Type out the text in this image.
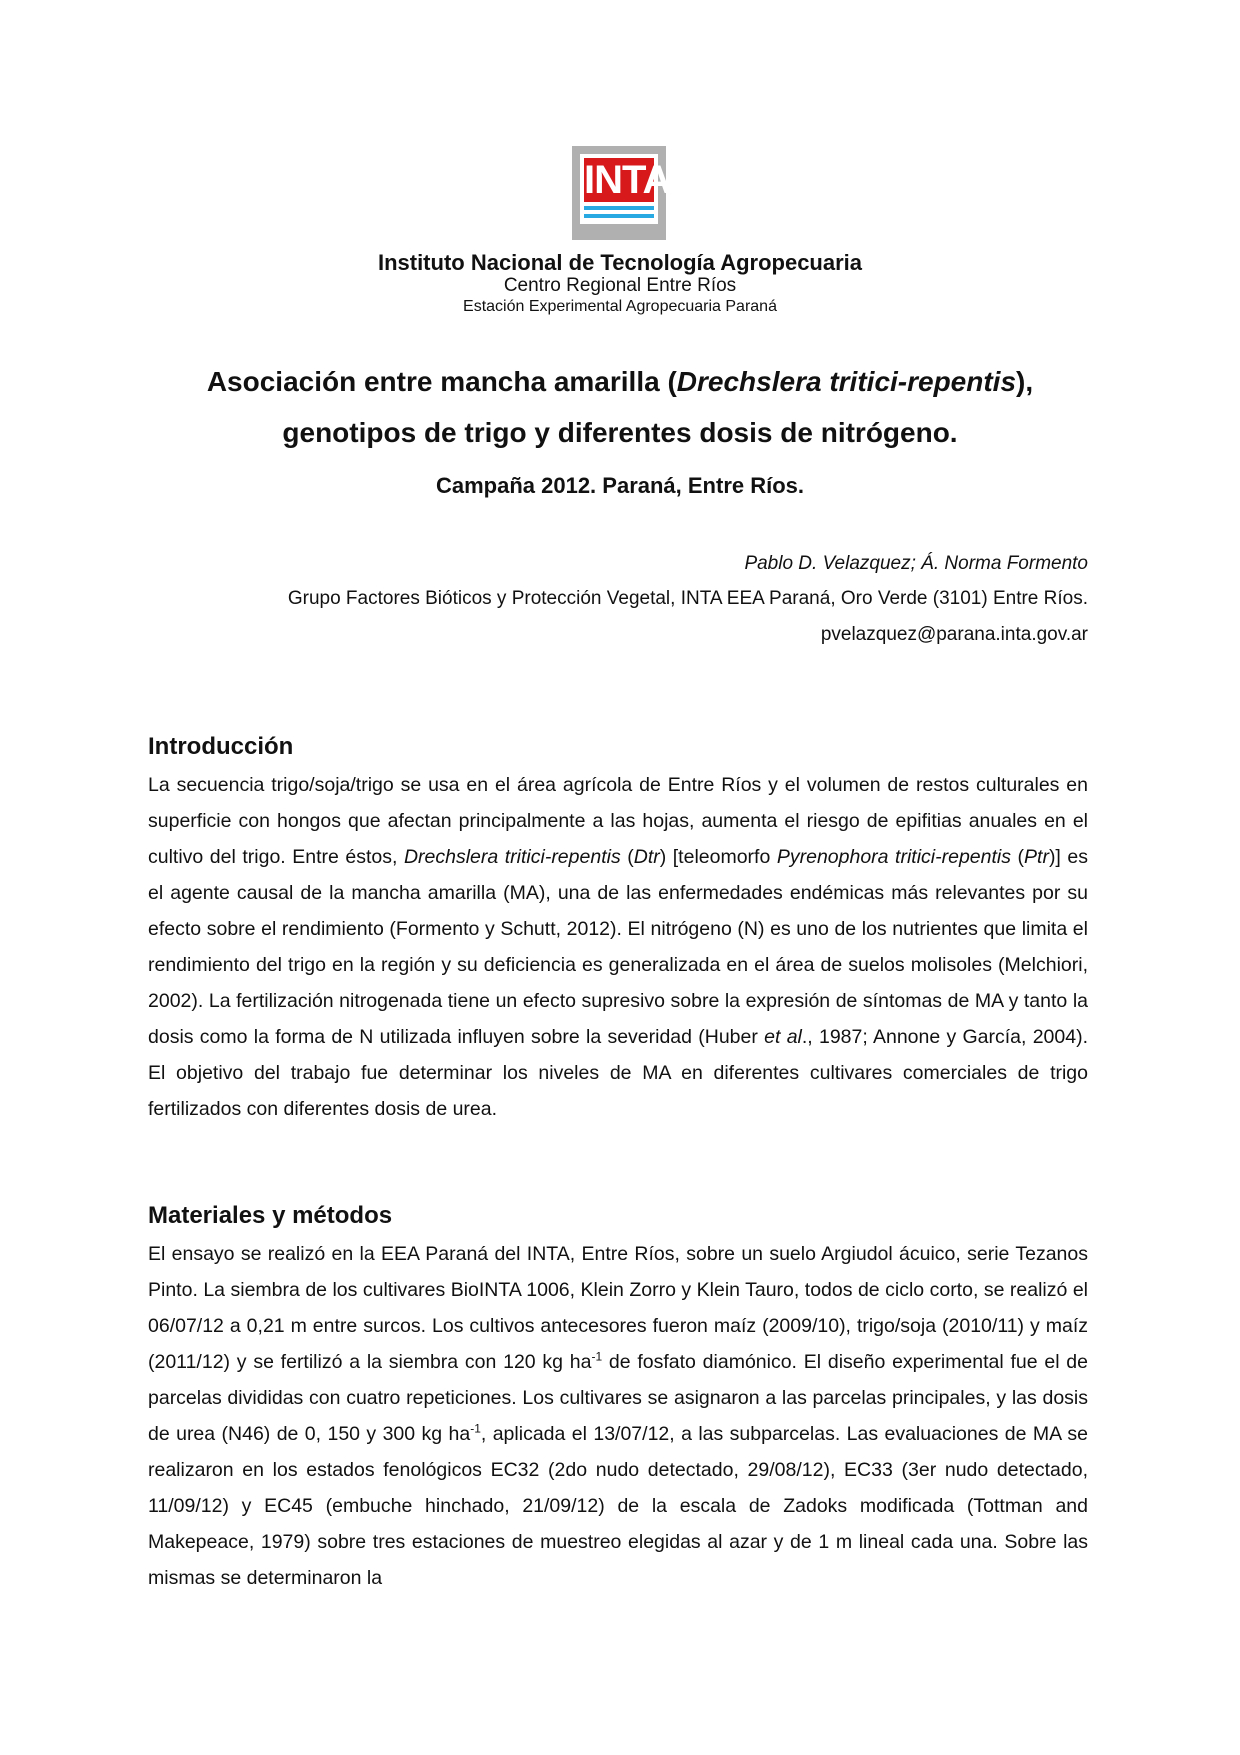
INTA
Instituto Nacional de Tecnología Agropecuaria
Centro Regional Entre Ríos
Estación Experimental Agropecuaria Paraná
Asociación entre mancha amarilla (Drechslera tritici-repentis),
genotipos de trigo y diferentes dosis de nitrógeno.
Campaña 2012. Paraná, Entre Ríos.
Pablo D. Velazquez; Á. Norma Formento
Grupo Factores Bióticos y Protección Vegetal, INTA EEA Paraná, Oro Verde (3101) Entre Ríos.
pvelazquez@parana.inta.gov.ar
Introducción

La secuencia trigo/soja/trigo se usa en el área agrícola de Entre Ríos y el volumen de restos culturales en superficie con hongos que afectan principalmente a las hojas, aumenta el riesgo de epifitias anuales en el cultivo del trigo. Entre éstos, Drechslera tritici-repentis (Dtr) [teleomorfo Pyrenophora tritici-repentis (Ptr)] es el agente causal de la mancha amarilla (MA), una de las enfermedades endémicas más relevantes por su efecto sobre el rendimiento (Formento y Schutt, 2012). El nitrógeno (N) es uno de los nutrientes que limita el rendimiento del trigo en la región y su deficiencia es generalizada en el área de suelos molisoles (Melchiori, 2002). La fertilización nitrogenada tiene un efecto supresivo sobre la expresión de síntomas de MA y tanto la dosis como la forma de N utilizada influyen sobre la severidad (Huber et al., 1987; Annone y García, 2004). El objetivo del trabajo fue determinar los niveles de MA en diferentes cultivares comerciales de trigo fertilizados con diferentes dosis de urea.

Materiales y métodos

El ensayo se realizó en la EEA Paraná del INTA, Entre Ríos, sobre un suelo Argiudol ácuico, serie Tezanos Pinto. La siembra de los cultivares BioINTA 1006, Klein Zorro y Klein Tauro, todos de ciclo corto, se realizó el 06/07/12 a 0,21 m entre surcos. Los cultivos antecesores fueron maíz (2009/10), trigo/soja (2010/11) y maíz (2011/12) y se fertilizó a la siembra con 120 kg $ha^{-1}$ de fosfato diamónico. El diseño experimental fue el de parcelas divididas con cuatro repeticiones. Los cultivares se asignaron a las parcelas principales, y las dosis de urea (N46) de 0, 150 y 300 kg $ha^{-1}$, aplicada el 13/07/12, a las subparcelas. Las evaluaciones de MA se realizaron en los estados fenológicos EC32 (2do nudo detectado, 29/08/12), EC33 (3er nudo detectado, 11/09/12) y EC45 (embuche hinchado, 21/09/12) de la escala de Zadoks modificada (Tottman and Makepeace, 1979) sobre tres estaciones de muestreo elegidas al azar y de 1 m lineal cada una. Sobre las mismas se determinaron la
